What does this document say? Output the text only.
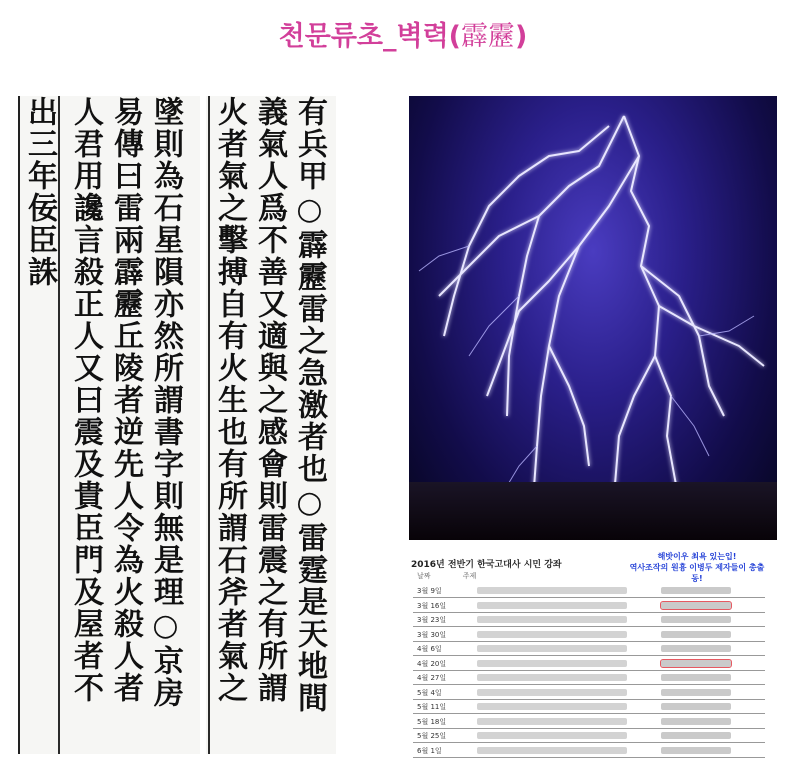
천문류초_벽력(霹靂)
出三年佞臣誅 人君用讒言殺正人又曰震及貴臣門及屋者不 易傳曰雷兩霹靂丘陵者逆先人令為火殺人者 墜則為石星隕亦然所謂書字則無是理○京房 火者氣之擊搏自有火生也有所謂石斧者氣之 義氣人爲不善又適與之感會則雷震之有所謂 有兵甲○霹靂雷之急激者也○雷霆是天地間	2016년 전반기 한국고대사 시민 강좌
해밧이우 최욕 있는입!
역사조작의 원흉 이병두 제자들이 총출동!
날짜	주제
3월 9일
3월 16일
3월 23일
3월 30일
4월 6일
4월 20일
4월 27일
5월 4일
5월 11일
5월 18일
5월 25일
6월 1일
